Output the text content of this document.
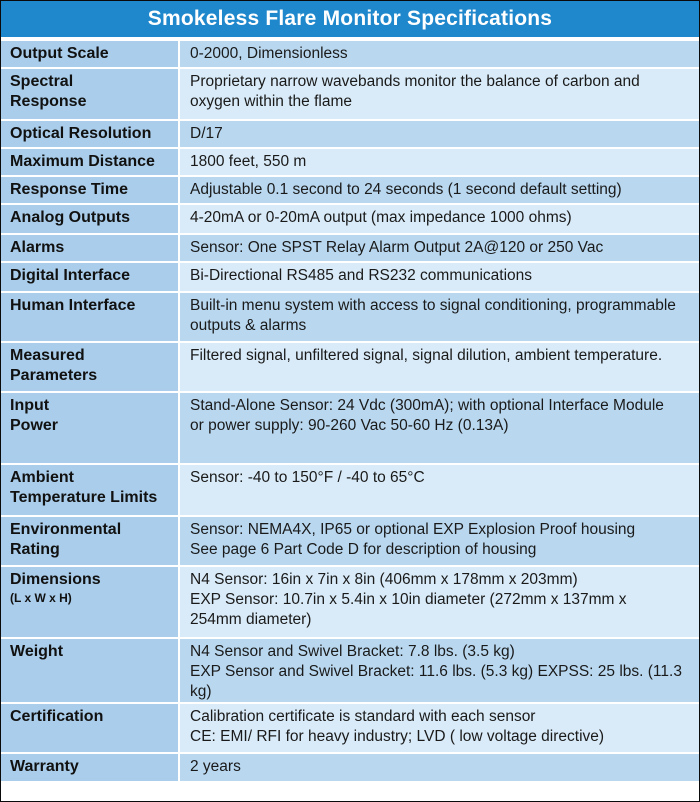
Smokeless Flare Monitor Specifications
Output Scale	0-2000, Dimensionless

Spectral
Response	Proprietary narrow wavebands monitor the balance of carbon and
oxygen within the flame

Optical Resolution	D/17

Maximum Distance	1800 feet, 550 m

Response Time	Adjustable 0.1 second to 24 seconds (1 second default setting)

Analog Outputs	4-20mA or 0-20mA output (max impedance 1000 ohms)

Alarms	Sensor: One SPST Relay Alarm Output 2A@120 or 250 Vac

Digital Interface	Bi-Directional RS485 and RS232 communications

Human Interface	Built-in menu system with access to signal conditioning, programmable
outputs & alarms

Measured
Parameters	Filtered signal, unfiltered signal, signal dilution, ambient temperature.

Input
Power	Stand-Alone Sensor: 24 Vdc (300mA); with optional Interface Module
or power supply: 90-260 Vac 50-60 Hz (0.13A)

Ambient
Temperature Limits	Sensor: -40 to 150°F / -40 to 65°C

Environmental
Rating	Sensor: NEMA4X, IP65 or optional EXP Explosion Proof housing
See page 6 Part Code D for description of housing

Dimensions
(L x W x H)	N4 Sensor: 16in x 7in x 8in (406mm x 178mm x 203mm)
EXP Sensor: 10.7in x 5.4in x 10in diameter (272mm x 137mm x
254mm diameter)

Weight	N4 Sensor and Swivel Bracket: 7.8 lbs. (3.5 kg)
EXP Sensor and Swivel Bracket: 11.6 lbs. (5.3 kg) EXPSS: 25 lbs. (11.3 kg)

Certification	Calibration certificate is standard with each sensor
CE: EMI/ RFI for heavy industry; LVD ( low voltage directive)

Warranty	2 years
